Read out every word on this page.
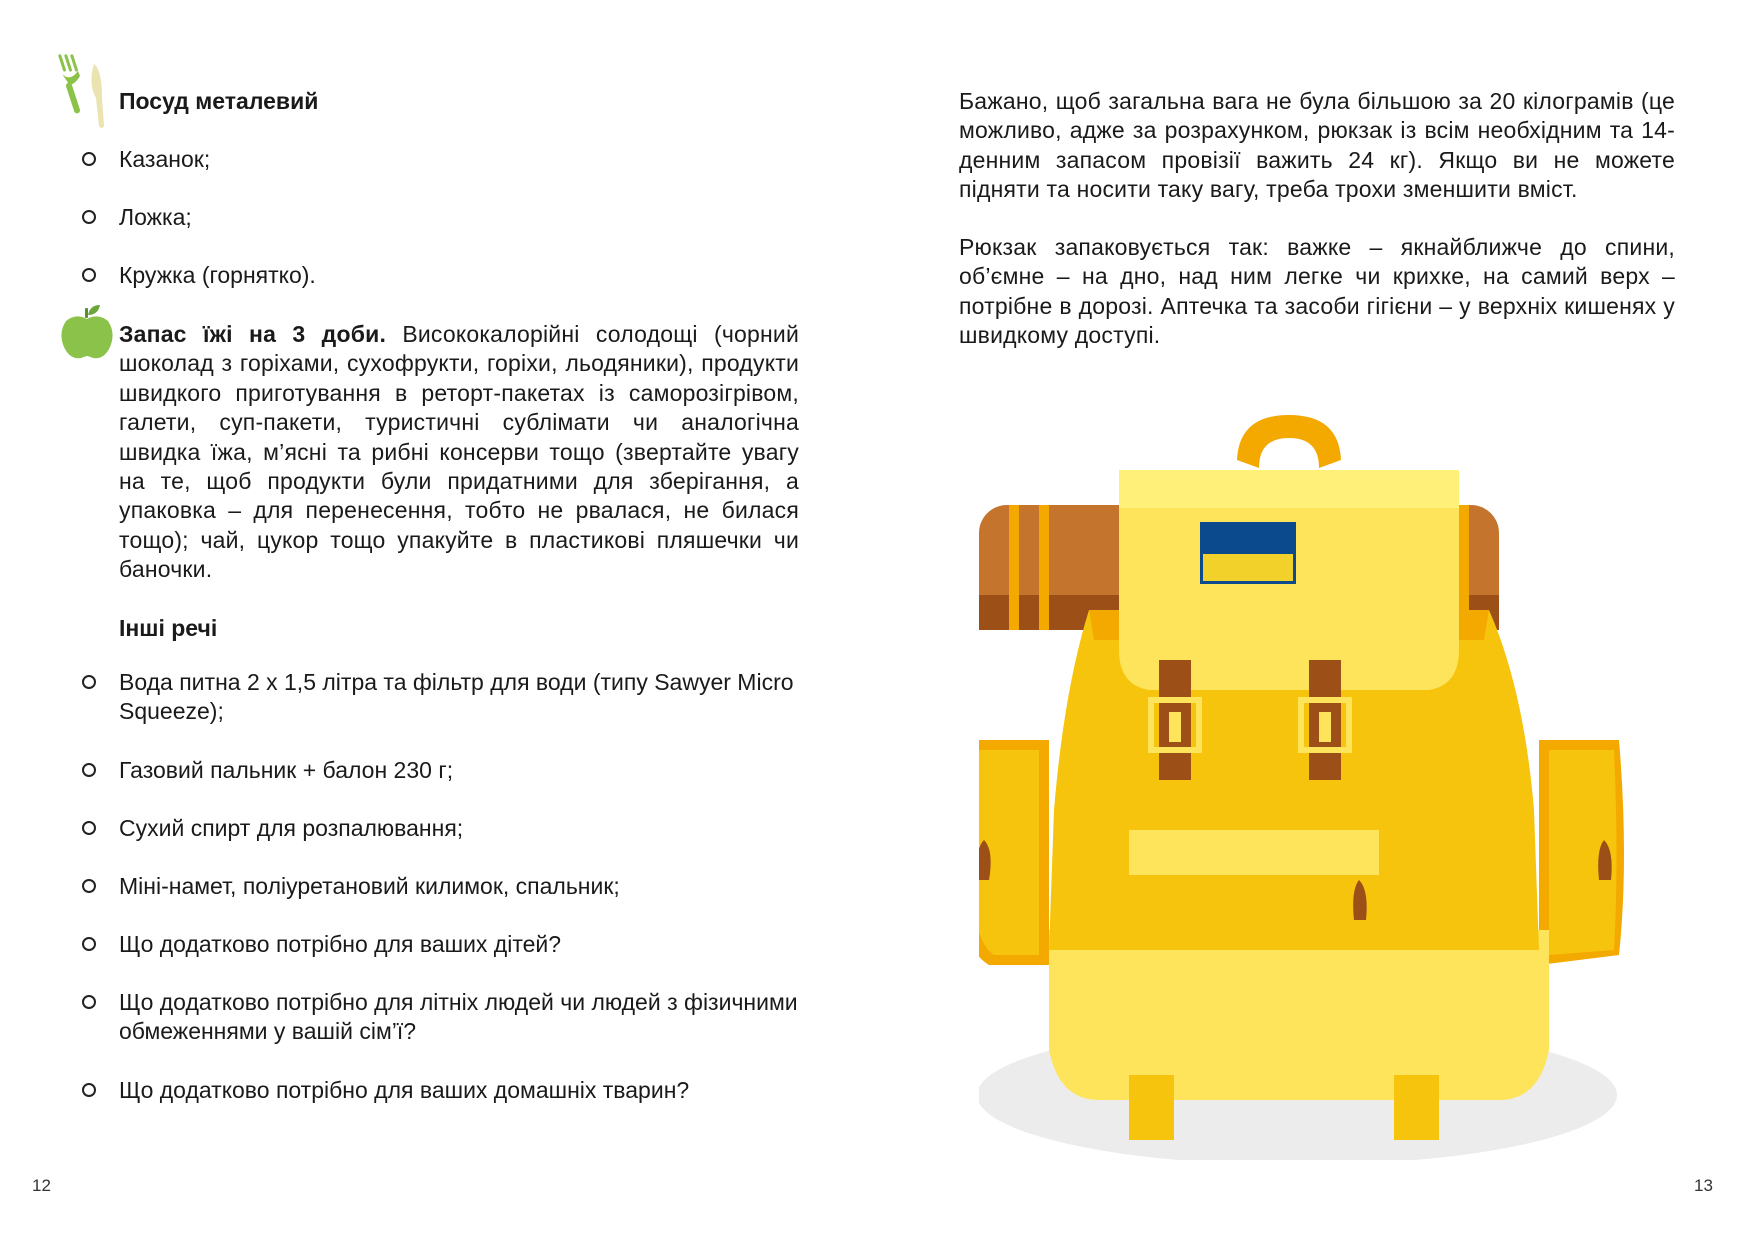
Посуд металевий
Казанок;
Ложка;
Кружка (горнятко).
Запас їжі на 3 доби. Висококалорійні солодощі (чорний шоколад з горіхами, сухофрукти, горіхи, льодяники), продукти швидкого приготування в реторт-пакетах із саморозігрівом, галети, суп-пакети, туристичні сублімати чи аналогічна швидка їжа, м’ясні та рибні консерви тощо (звертайте увагу на те, щоб продукти були придатними для зберігання, а упаковка – для перенесення, тобто не рвалася, не билася тощо); чай, цукор тощо упакуйте в пластикові пляшечки чи баночки.
Інші речі
Вода питна 2 х 1,5 літра та фільтр для води (типу Sawyer Micro Squeeze);
Газовий пальник + балон 230 г;
Сухий спирт для розпалювання;
Міні-намет, поліуретановий килимок, спальник;
Що додатково потрібно для ваших дітей?
Що додатково потрібно для літніх людей чи людей з фізичними обмеженнями у вашій сім’ї?
Що додатково потрібно для ваших домашніх тварин?
12
Бажано, щоб загальна вага не була більшою за 20 кілограмів (це можливо, адже за розрахунком, рюкзак із всім необхідним та 14-денним запасом провізії важить 24 кг). Якщо ви не можете підняти та носити таку вагу, треба трохи зменшити вміст.
Рюкзак запаковується так: важке – якнайближче до спини, об’ємне – на дно, над ним легке чи крихке, на самий верх – потрібне в дорозі. Аптечка та засоби гігієни – у верхніх кишенях у швидкому доступі.
13
